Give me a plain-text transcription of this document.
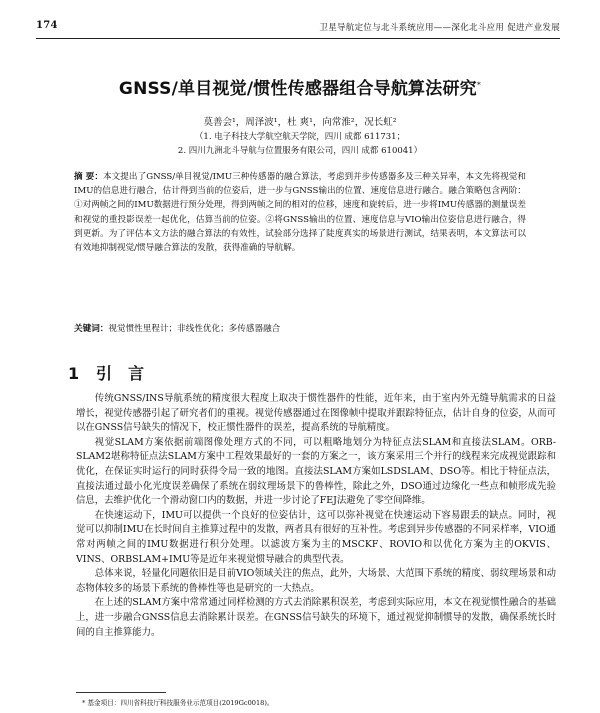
174	卫星导航定位与北斗系统应用——深化北斗应用 促进产业发展
GNSS/单目视觉/惯性传感器组合导航算法研究*
莫善会¹，周泽波¹，杜 爽¹，向常淮²，况长虹²
（1. 电子科技大学航空航天学院，四川 成都 611731；
2. 四川九洲北斗导航与位置服务有限公司，四川 成都 610041）
摘 要：本文提出了GNSS/单目视觉/IMU三种传感器的融合算法，考虑到并步传感器多及三种关异率，本文先将视觉和IMU的信息进行融合，估计得到当前的位姿后，进一步与GNSS输出的位置、速度信息进行融合。融合策略包含两阶：①对两帧之间的IMU数据进行预分处理，得到两帧之间的相对的位移，速度和旋转后，进一步将IMU传感器的测量误差和视觉的重投影误差一起优化，估算当前的位姿。②将GNSS输出的位置、速度信息与VIO输出位姿信息进行融合，得到更新。为了评估本文方法的融合算法的有效性，试验部分选择了陡度真实的场景进行测试，结果表明，本文算法可以有效地抑制视觉/惯导融合算法的发散，获得准确的导航解。
关键词：视觉惯性里程计；非线性优化；多传感器融合
1 引　言

传统GNSS/INS导航系统的精度很大程度上取决于惯性器件的性能，近年来，由于室内外无缝导航需求的日益增长，视觉传感器引起了研究者们的重视。视觉传感器通过在图像帧中提取并跟踪特征点，估计自身的位姿，从而可以在GNSS信号缺失的情况下，校正惯性器件的误差，提高系统的导航精度。

视觉SLAM方案依据前端图像处理方式的不同，可以粗略地划分为特征点法SLAM和直接法SLAM。ORB-SLAM2堪称特征点法SLAM方案中工程效果最好的一套的方案之一，该方案采用三个并行的线程来完成视觉跟踪和优化，在保证实时运行的同时获得令局一致的地图。直接法SLAM方案如LSDSLAM、DSO等。相比于特征点法，直接法通过最小化光度误差确保了系统在弱纹理场景下的鲁棒性，除此之外，DSO通过边缘化一些点和帧形成先验信息，去维护优化一个滑动窗口内的数据，并进一步讨论了FEJ法避免了零空间降维。

在快速运动下，IMU可以提供一个良好的位姿估计，这可以弥补视觉在快速运动下容易跟丢的缺点。同时，视觉可以抑制IMU在长时间自主推算过程中的发散，两者具有很好的互补性。考虑到异步传感器的不同采样率，VIO通常对两帧之间的IMU数据进行积分处理。以滤波方案为主的MSCKF、ROVIO和以优化方案为主的OKVIS、VINS、ORBSLAM+IMU等是近年来视觉惯导融合的典型代表。

总体来说，轻量化同题依旧是目前VIO领域关注的焦点，此外，大场景、大范围下系统的精度、弱纹理场景和动态物体较多的场景下系统的鲁棒性等也是研究的一大热点。

在上述的SLAM方案中常常通过同样检测的方式去消除累积误差，考虑到实际应用，本文在视觉惯性融合的基础上，进一步融合GNSS信息去消除累计误差。在GNSS信号缺失的环境下，通过视觉抑制惯导的发散，确保系统长时间的自主推算能力。

* 基金项目：四川省科技厅科技服务业示范项目(2019Gc0018)。
